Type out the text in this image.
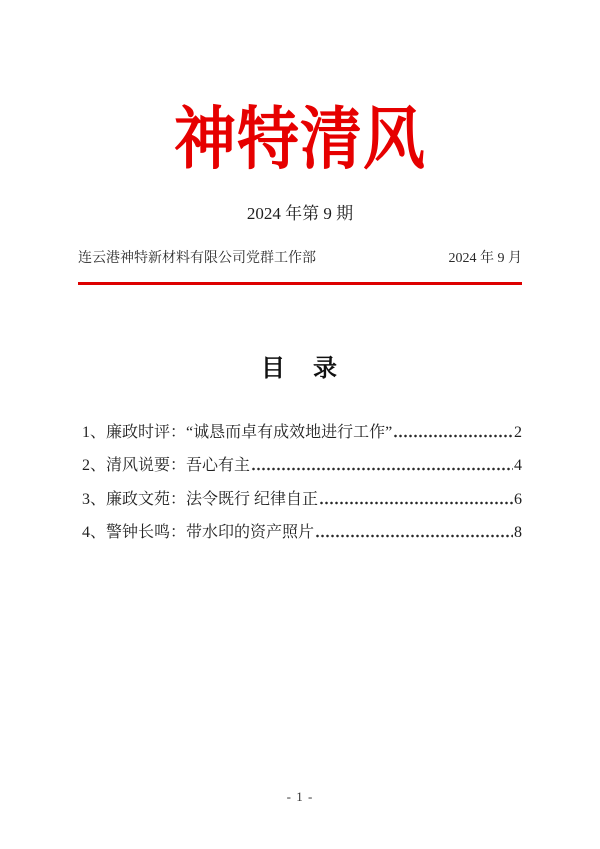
神特清风
2024 年第 9 期
连云港神特新材料有限公司党群工作部	2024 年 9 月
目　录
1、廉政时评：“诚恳而卓有成效地进行工作”	2
2、清风说要：吾心有主	4
3、廉政文苑：法令既行 纪律自正	6
4、警钟长鸣：带水印的资产照片	8
- 1 -
